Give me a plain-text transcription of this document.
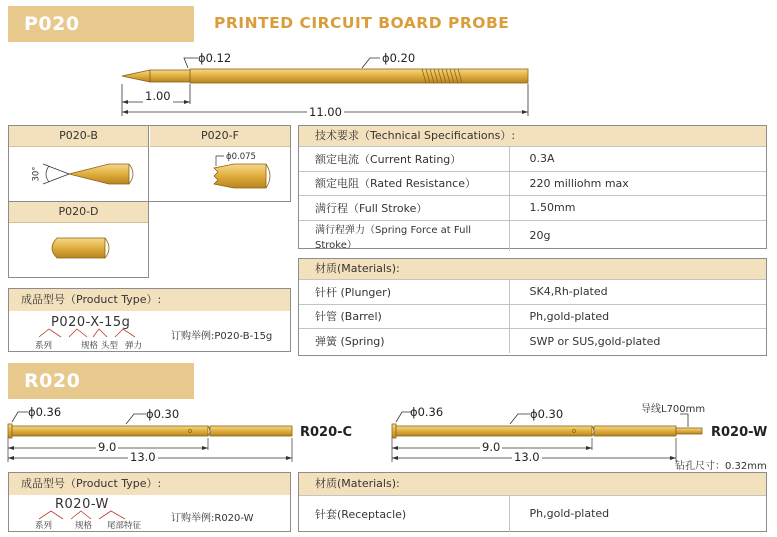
P020	PRINTED CIRCUIT BOARD PROBE
ϕ0.12	ϕ0.20
1.00
11.00
P020-B
30°
P020-F
ϕ0.075
P020-D
技术要求（Technical Specifications）:
额定电流（Current Rating）	0.3A
额定电阻（Rated Resistance）	220 milliohm max
满行程（Full Stroke）	1.50mm
满行程弹力（Spring Force at Full Stroke）	20g
材质(Materials):
针杆 (Plunger)	SK4,Rh-plated
针管 (Barrel)	Ph,gold-plated
弹簧 (Spring)	SWP or SUS,gold-plated
成品型号（Product Type）:
P020-X-15g
系列	规格 头型 弹力
订购举例:P020-B-15g
R020
ϕ0.36	ϕ0.30
9.0
13.0
R020-C
ϕ0.36	ϕ0.30
9.0
13.0
导线L700mm
R020-W
钻孔尺寸：0.32mm
成品型号（Product Type）:
R020-W
系列	规格 尾部特征
订购举例:R020-W
材质(Materials):
针套(Receptacle)	Ph,gold-plated
